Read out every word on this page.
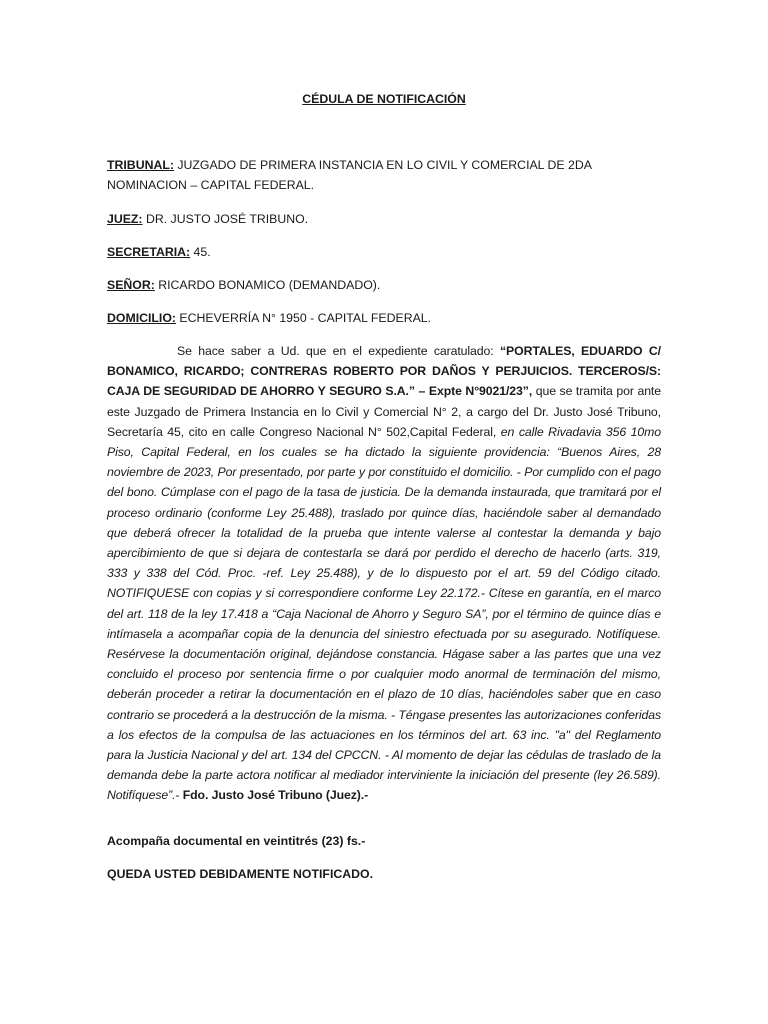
CÉDULA DE NOTIFICACIÓN
TRIBUNAL: JUZGADO DE PRIMERA INSTANCIA EN LO CIVIL Y COMERCIAL DE 2DA NOMINACION – CAPITAL FEDERAL.
JUEZ: DR. JUSTO JOSÉ TRIBUNO.
SECRETARIA: 45.
SEÑOR: RICARDO BONAMICO (DEMANDADO).
DOMICILIO: ECHEVERRÍA N° 1950 - CAPITAL FEDERAL.
Se hace saber a Ud. que en el expediente caratulado: “PORTALES, EDUARDO C/ BONAMICO, RICARDO; CONTRERAS ROBERTO POR DAÑOS Y PERJUICIOS. TERCEROS/S: CAJA DE SEGURIDAD DE AHORRO Y SEGURO S.A.” – Expte N°9021/23”, que se tramita por ante este Juzgado de Primera Instancia en lo Civil y Comercial N° 2, a cargo del Dr. Justo José Tribuno, Secretaría 45, cito en calle Congreso Nacional N° 502,Capital Federal, en calle Rivadavia 356 10mo Piso, Capital Federal, en los cuales se ha dictado la siguiente providencia: “Buenos Aires, 28 noviembre de 2023, Por presentado, por parte y por constituido el domicilio. - Por cumplido con el pago del bono. Cúmplase con el pago de la tasa de justicia. De la demanda instaurada, que tramitará por el proceso ordinario (conforme Ley 25.488), traslado por quince días, haciéndole saber al demandado que deberá ofrecer la totalidad de la prueba que intente valerse al contestar la demanda y bajo apercibimiento de que si dejara de contestarla se dará por perdido el derecho de hacerlo (arts. 319, 333 y 338 del Cód. Proc. -ref. Ley 25.488), y de lo dispuesto por el art. 59 del Código citado. NOTIFIQUESE con copias y si correspondiere conforme Ley 22.172.- Cítese en garantía, en el marco del art. 118 de la ley 17.418 a “Caja Nacional de Ahorro y Seguro SA”, por el término de quince días e intímasela a acompañar copia de la denuncia del siniestro efectuada por su asegurado. Notifíquese. Resérvese la documentación original, dejándose constancia. Hágase saber a las partes que una vez concluido el proceso por sentencia firme o por cualquier modo anormal de terminación del mismo, deberán proceder a retirar la documentación en el plazo de 10 días, haciéndoles saber que en caso contrario se procederá a la destrucción de la misma. - Téngase presentes las autorizaciones conferidas a los efectos de la compulsa de las actuaciones en los términos del art. 63 inc. "a" del Reglamento para la Justicia Nacional y del art. 134 del CPCCN. - Al momento de dejar las cédulas de traslado de la demanda debe la parte actora notificar al mediador interviniente la iniciación del presente (ley 26.589). Notifíquese”.- Fdo. Justo José Tribuno (Juez).-
Acompaña documental en veintitrés (23) fs.-
QUEDA USTED DEBIDAMENTE NOTIFICADO.
